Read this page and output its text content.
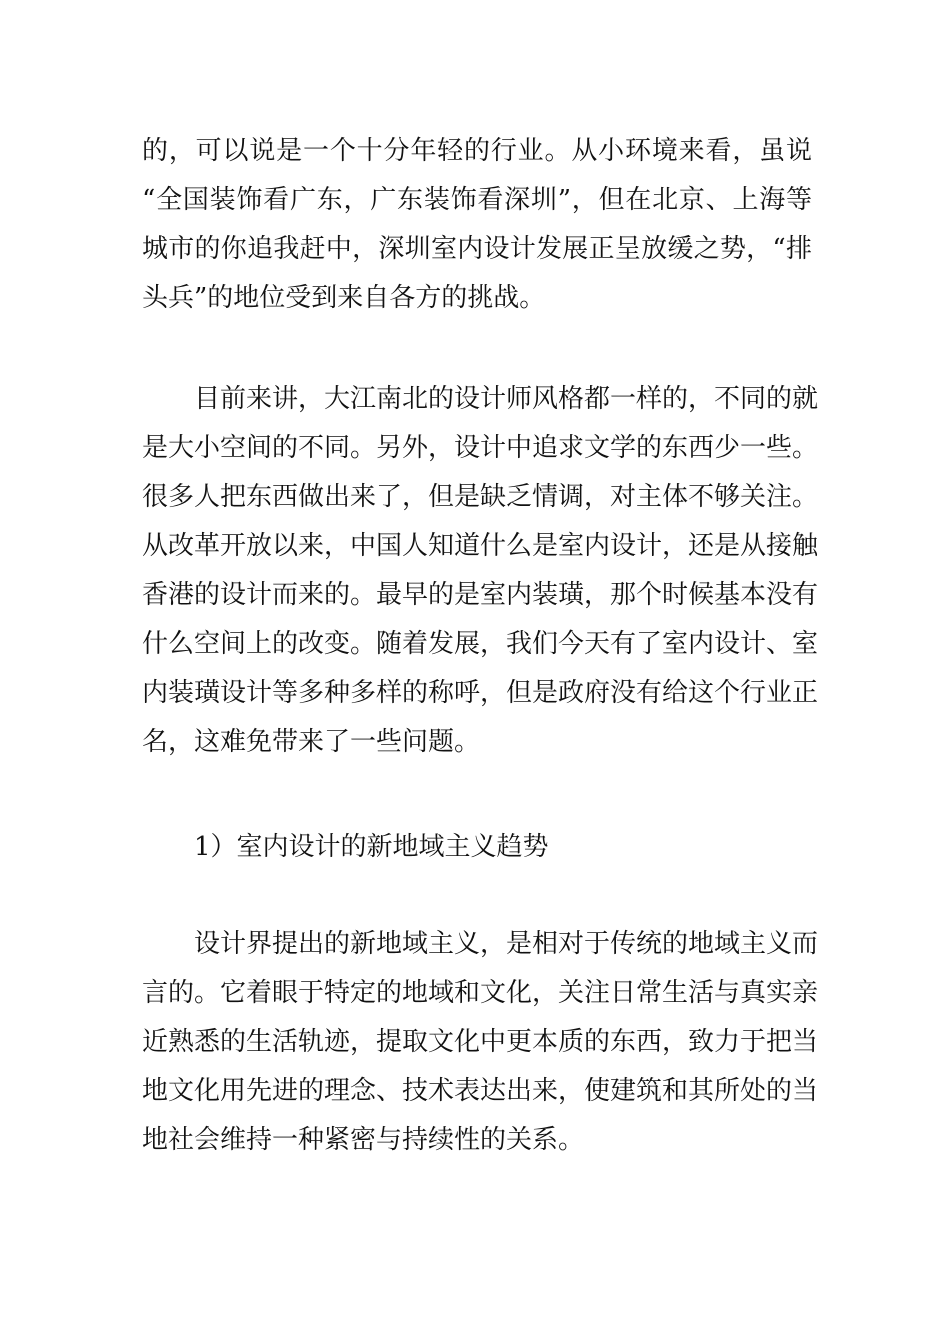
的，可以说是一个十分年轻的行业。从小环境来看，虽说
“全国装饰看广东，广东装饰看深圳”，但在北京、上海等
城市的你追我赶中，深圳室内设计发展正呈放缓之势，“排
头兵”的地位受到来自各方的挑战。
目前来讲，大江南北的设计师风格都一样的，不同的就
是大小空间的不同。另外，设计中追求文学的东西少一些。
很多人把东西做出来了，但是缺乏情调，对主体不够关注。
从改革开放以来，中国人知道什么是室内设计，还是从接触
香港的设计而来的。最早的是室内装璜，那个时候基本没有
什么空间上的改变。随着发展，我们今天有了室内设计、室
内装璜设计等多种多样的称呼，但是政府没有给这个行业正
名，这难免带来了一些问题。
1）室内设计的新地域主义趋势
设计界提出的新地域主义，是相对于传统的地域主义而
言的。它着眼于特定的地域和文化，关注日常生活与真实亲
近熟悉的生活轨迹，提取文化中更本质的东西，致力于把当
地文化用先进的理念、技术表达出来，使建筑和其所处的当
地社会维持一种紧密与持续性的关系。
